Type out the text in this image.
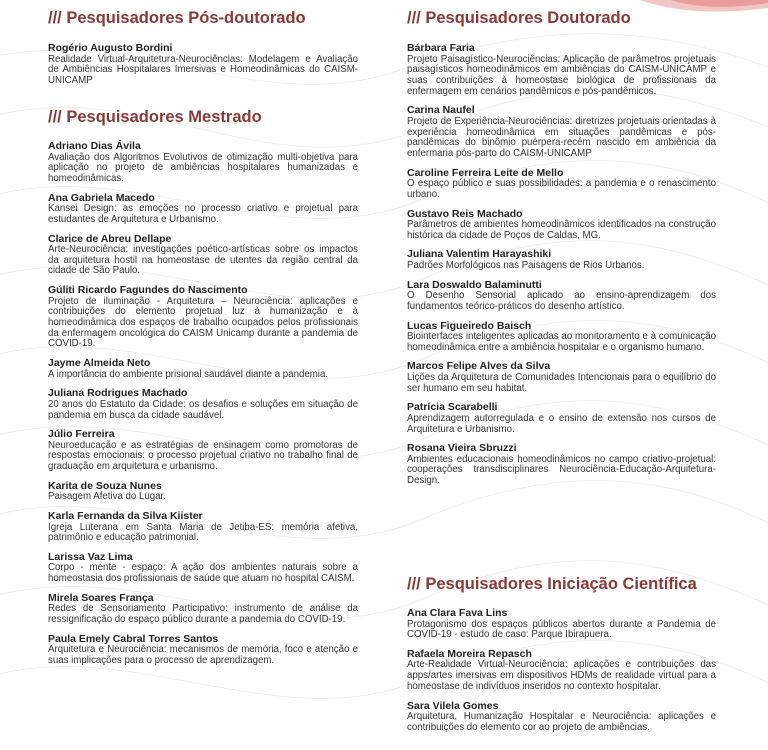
/// Pesquisadores Pós-doutorado
Rogério Augusto Bordini
Realidade Virtual-Arquitetura-Neurociências: Modelagem e Avaliação de Ambiências Hospitalares Imersivas e Homeodinâmicas do CAISM-UNICAMP
/// Pesquisadores Mestrado
Adriano Dias Ávila
Avaliação dos Algoritmos Evolutivos de otimização multi-objetiva para aplicação no projeto de ambiências hospitalares humanizadas e homeodinâmicas.
Ana Gabriela Macedo
Kansei Design: as emoções no processo criativo e projetual para estudantes de Arquitetura e Urbanismo.
Clarice de Abreu Dellape
Arte-Neurociência: investigações poético-artísticas sobre os impactos da arquitetura hostil na homeostase de utentes da região central da cidade de São Paulo.
Gúliti Ricardo Fagundes do Nascimento
Projeto de iluminação - Arquitetura – Neurociência: aplicações e contribuições do elemento projetual luz à humanização e à homeodinâmica dos espaços de trabalho ocupados pelos profissionais da enfermagem oncológica do CAISM Unicamp durante a pandemia de COVID-19.
Jayme Almeida Neto
A importância do ambiente prisional saudável diante a pandemia.
Juliana Rodrigues Machado
20 anos do Estatuto da Cidade: os desafios e soluções em situação de pandemia em busca da cidade saudável.
Júlio Ferreira
Neuroeducação e as estratégias de ensinagem como promotoras de respostas emocionais: o processo projetual criativo no trabalho final de graduação em arquitetura e urbanismo.
Karita de Souza Nunes
Paisagem Afetiva do Lugar.
Karla Fernanda da Silva Kiister
Igreja Luterana em Santa Maria de Jetiba-ES: memória afetiva, patrimônio e educação patrimonial.
Larissa Vaz Lima
Corpo - mente - espaço: A ação dos ambientes naturais sobre a homeostasia dos profissionais de saúde que atuam no hospital CAISM.
Mirela Soares França
Redes de Sensoriamento Participativo: instrumento de análise da ressignificação do espaço público durante a pandemia do COVID-19.
Paula Emely Cabral Torres Santos
Arquitetura e Neurociência: mecanismos de memória, foco e atenção e suas implicações para o processo de aprendizagem.
/// Pesquisadores Doutorado
Bárbara Faria
Projeto Paisagístico-Neurociências: Aplicação de parâmetros projetuais paisagísticos homeodinâmicos em ambiências do CAISM-UNICAMP e suas contribuições à homeostase biológica de profissionais da enfermagem em cenários pandêmicos e pós-pandêmicos.
Carina Naufel
Projeto de Experiência-Neurociências: diretrizes projetuais orientadas à experiência homeodinâmica em situações pandêmicas e pós-pandêmicas do binômio puérpera-recém nascido em ambiência da enfermaria pós-parto do CAISM-UNICAMP
Caroline Ferreira Leite de Mello
O espaço público e suas possibilidades: a pandemia e o renascimento urbano.
Gustavo Reis Machado
Parâmetros de ambientes homeodinâmicos identificados na construção histórica da cidade de Poços de Caldas, MG.
Juliana Valentim Harayashiki
Padrões Morfológicos nas Paisagens de Rios Urbanos.
Lara Doswaldo Balaminutti
O Desenho Sensorial aplicado ao ensino-aprendizagem dos fundamentos teórico-práticos do desenho artístico.
Lucas Figueiredo Baisch
Biointerfaces inteligentes aplicadas ao monitoramento e à comunicação homeodinâmica entre a ambiência hospitalar e o organismo humano.
Marcos Felipe Alves da Silva
Lições da Arquitetura de Comunidades Intencionais para o equilíbrio do ser humano em seu habitat.
Patrícia Scarabelli
Aprendizagem autorregulada e o ensino de extensão nos cursos de Arquitetura e Urbanismo.
Rosana Vieira Sbruzzi
Ambientes educacionais homeodinâmicos no campo criativo-projetual: cooperações transdisciplinares Neurociência-Educação-Arquitetura-Design.
/// Pesquisadores Iniciação Científica
Ana Clara Fava Lins
Protagonismo dos espaços públicos abertos durante a Pandemia de COVID-19 - estudo de caso: Parque Ibirapuera.
Rafaela Moreira Repasch
Arte-Realidade Virtual-Neurociência: aplicações e contribuições das apps/artes imersivas em dispositivos HDMs de realidade virtual para a homeostase de indivíduos inseridos no contexto hospitalar.
Sara Vilela Gomes
Arquitetura, Humanização Hospitalar e Neurociência: aplicações e contribuições do elemento cor ao projeto de ambiências.
